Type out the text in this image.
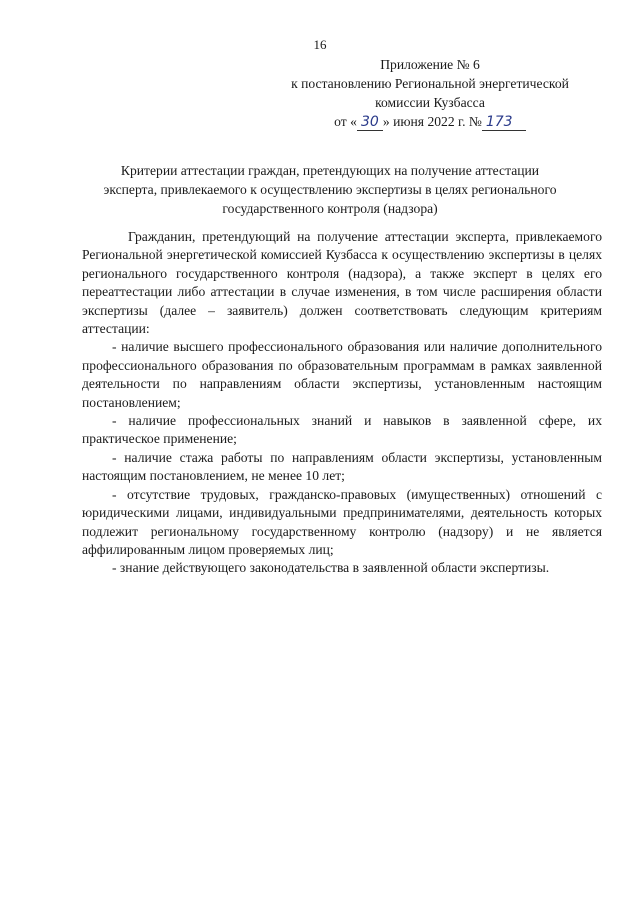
16
Приложение № 6
к постановлению Региональной энергетической
комиссии Кузбасса
от « 30 » июня 2022 г. № 173
Критерии аттестации граждан, претендующих на получение аттестации
эксперта, привлекаемого к осуществлению экспертизы в целях регионального
государственного контроля (надзора)

Гражданин, претендующий на получение аттестации эксперта, привлекаемого Региональной энергетической комиссией Кузбасса к осуществлению экспертизы в целях регионального государственного контроля (надзора), а также эксперт в целях его переаттестации либо аттестации в случае изменения, в том числе расширения области экспертизы (далее – заявитель) должен соответствовать следующим критериям аттестации:

- наличие высшего профессионального образования или наличие дополнительного профессионального образования по образовательным программам в рамках заявленной деятельности по направлениям области экспертизы, установленным настоящим постановлением;

- наличие профессиональных знаний и навыков в заявленной сфере, их практическое применение;

- наличие стажа работы по направлениям области экспертизы, установленным настоящим постановлением, не менее 10 лет;

- отсутствие трудовых, гражданско-правовых (имущественных) отношений с юридическими лицами, индивидуальными предпринимателями, деятельность которых подлежит региональному государственному контролю (надзору) и не является аффилированным лицом проверяемых лиц;

- знание действующего законодательства в заявленной области экспертизы.
